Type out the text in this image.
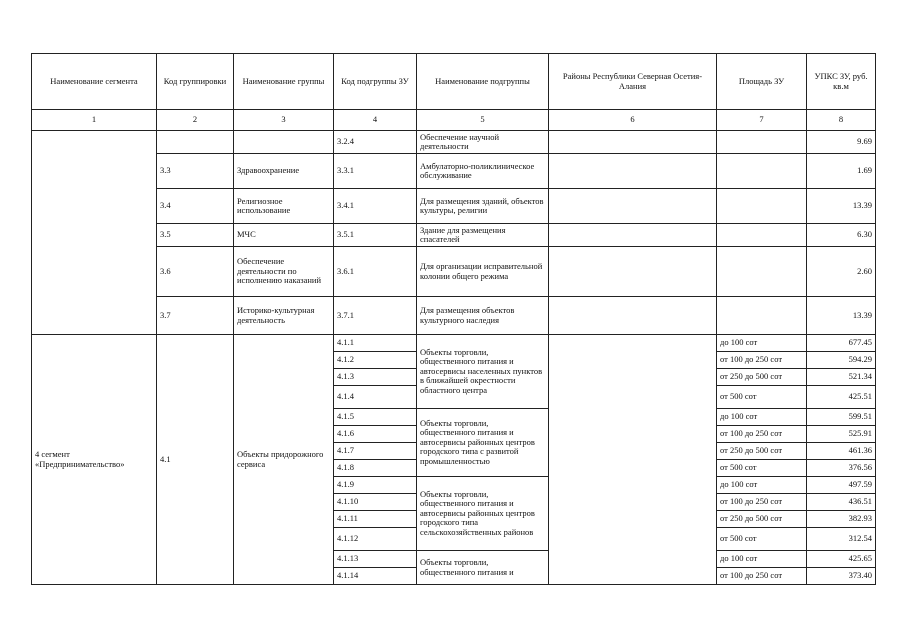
Наименование сегмента	Код группировки	Наименование группы	Код подгруппы ЗУ	Наименование подгруппы	Районы Республики Северная Осетия-Алания	Площадь ЗУ	УПКС ЗУ, руб. кв.м
1	2	3	4	5	6	7	8
			3.2.4	Обеспечение научной деятельности			9.69
	3.3	Здравоохранение	3.3.1	Амбулаторно-поликлиническое обслуживание			1.69
	3.4	Религиозное использование	3.4.1	Для размещения зданий, объектов культуры, религии			13.39
	3.5	МЧС	3.5.1	Здание для размещения спасателей			6.30
	3.6	Обеспечение деятельности по исполнению наказаний	3.6.1	Для организации исправительной колонии общего режима			2.60
	3.7	Историко-культурная деятельность	3.7.1	Для размещения объектов культурного наследия			13.39
4 сегмент «Предпринимательство»	4.1	Объекты придорожного сервиса	4.1.1	Объекты торговли, общественного питания и автосервисы населенных пунктов в ближайшей окрестности областного центра		до 100 сот	677.45
			4.1.2			от 100 до 250 сот	594.29
			4.1.3			от 250 до 500 сот	521.34
			4.1.4			от 500 сот	425.51
			4.1.5	Объекты торговли, общественного питания и автосервисы районных центров городского типа с развитой промышленностью		до 100 сот	599.51
			4.1.6			от 100 до 250 сот	525.91
			4.1.7			от 250 до 500 сот	461.36
			4.1.8			от 500 сот	376.56
			4.1.9	Объекты торговли, общественного питания и автосервисы районных центров городского типа сельскохозяйственных районов		до 100 сот	497.59
			4.1.10			от 100 до 250 сот	436.51
			4.1.11			от 250 до 500 сот	382.93
			4.1.12			от 500 сот	312.54
			4.1.13	Объекты торговли, общественного питания и		до 100 сот	425.65
			4.1.14			от 100 до 250 сот	373.40
